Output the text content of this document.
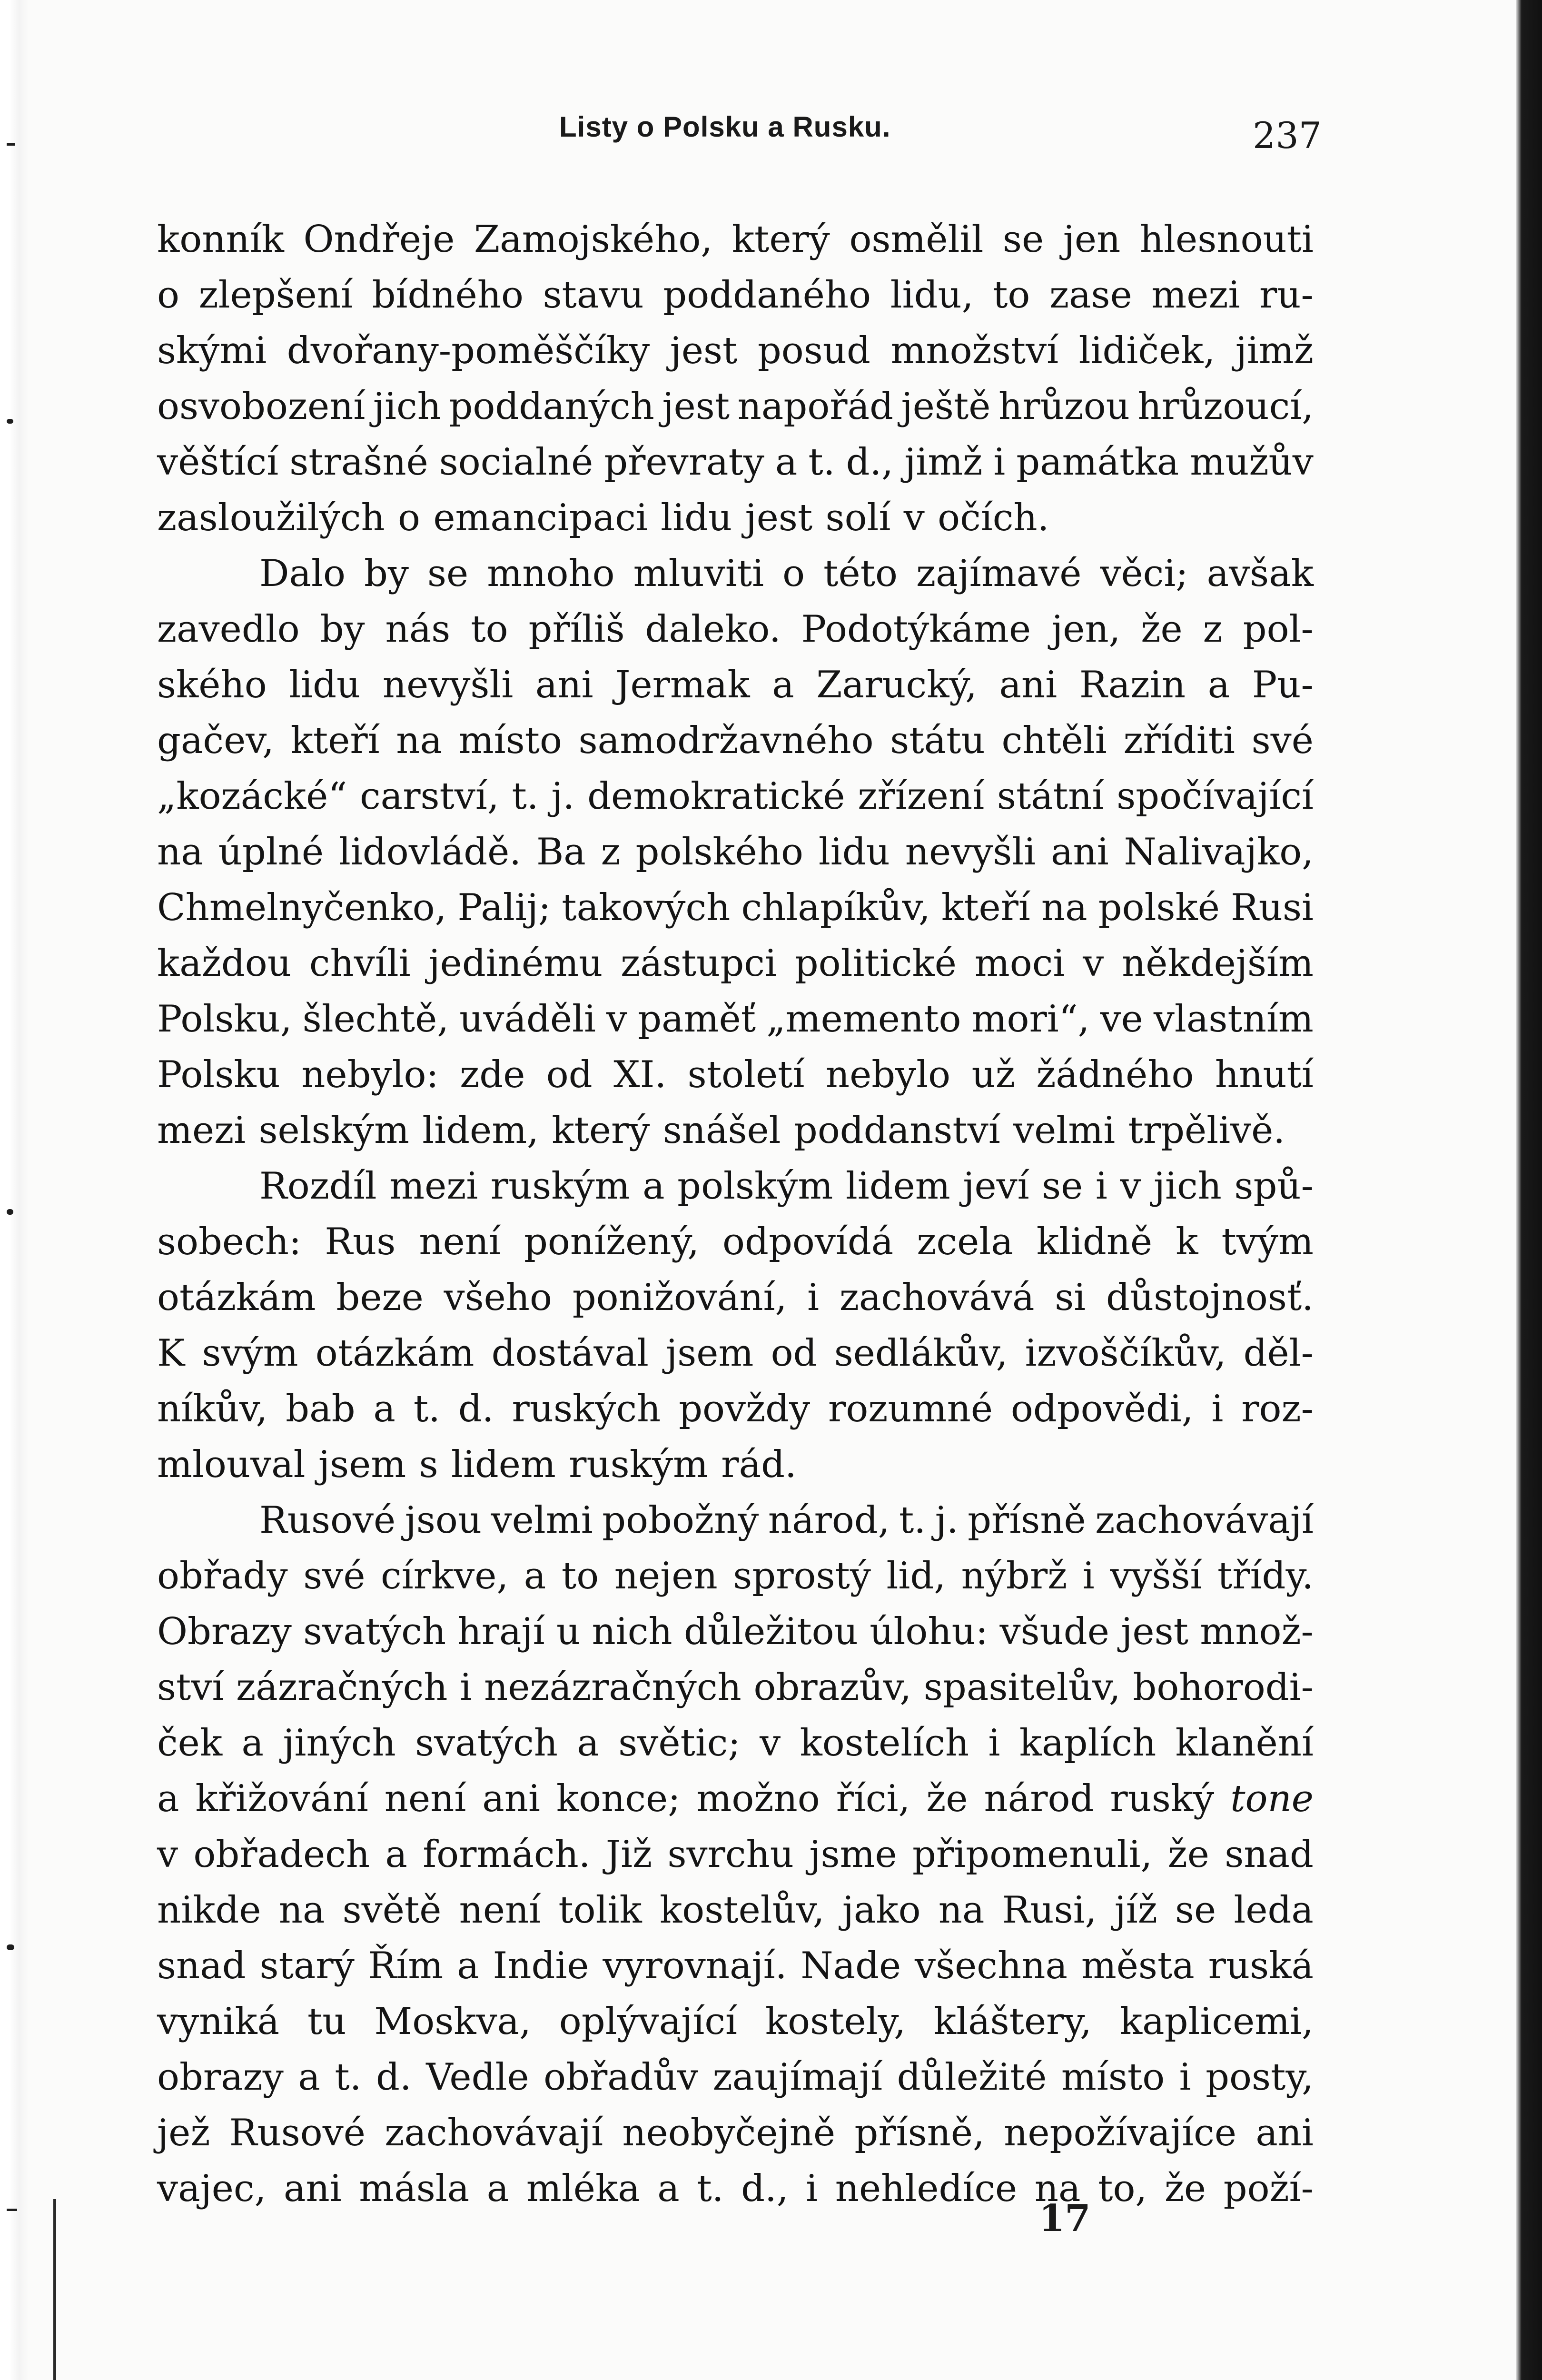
Listy o Polsku a Rusku.	237
konník Ondřeje Zamojského, který osmělil se jen hlesnouti
o zlepšení bídného stavu poddaného lidu, to zase mezi ru-
skými dvořany-poměščíky jest posud množství lidiček, jimž
osvobození jich poddaných jest napořád ještě hrůzou hrůzoucí,
věštící strašné socialné převraty a t. d., jimž i památka mužův
zasloužilých o emancipaci lidu jest solí v očích.
Dalo by se mnoho mluviti o této zajímavé věci; avšak
zavedlo by nás to příliš daleko. Podotýkáme jen, že z pol-
ského lidu nevyšli ani Jermak a Zarucký, ani Razin a Pu-
gačev, kteří na místo samodržavného státu chtěli zříditi své
„kozácké“ carství, t. j. demokratické zřízení státní spočívající
na úplné lidovládě. Ba z polského lidu nevyšli ani Nalivajko,
Chmelnyčenko, Palij; takových chlapíkův, kteří na polské Rusi
každou chvíli jedinému zástupci politické moci v někdejším
Polsku, šlechtě, uváděli v paměť „memento mori“, ve vlastním
Polsku nebylo: zde od XI. století nebylo už žádného hnutí
mezi selským lidem, který snášel poddanství velmi trpělivě.
Rozdíl mezi ruským a polským lidem jeví se i v jich spů-
sobech: Rus není ponížený, odpovídá zcela klidně k tvým
otázkám beze všeho ponižování, i zachovává si důstojnosť.
K svým otázkám dostával jsem od sedlákův, izvoščíkův, děl-
níkův, bab a t. d. ruských povždy rozumné odpovědi, i roz-
mlouval jsem s lidem ruským rád.
Rusové jsou velmi pobožný národ, t. j. přísně zachovávají
obřady své církve, a to nejen sprostý lid, nýbrž i vyšší třídy.
Obrazy svatých hrají u nich důležitou úlohu: všude jest množ-
ství zázračných i nezázračných obrazův, spasitelův, bohorodi-
ček a jiných svatých a světic; v kostelích i kaplích klanění
a křižování není ani konce; možno říci, že národ ruský tone
v obřadech a formách. Již svrchu jsme připomenuli, že snad
nikde na světě není tolik kostelův, jako na Rusi, jíž se leda
snad starý Řím a Indie vyrovnají. Nade všechna města ruská
vyniká tu Moskva, oplývající kostely, kláštery, kaplicemi,
obrazy a t. d. Vedle obřadův zaujímají důležité místo i posty,
jež Rusové zachovávají neobyčejně přísně, nepožívajíce ani
vajec, ani másla a mléka a t. d., i nehledíce na to, že poží-
17
